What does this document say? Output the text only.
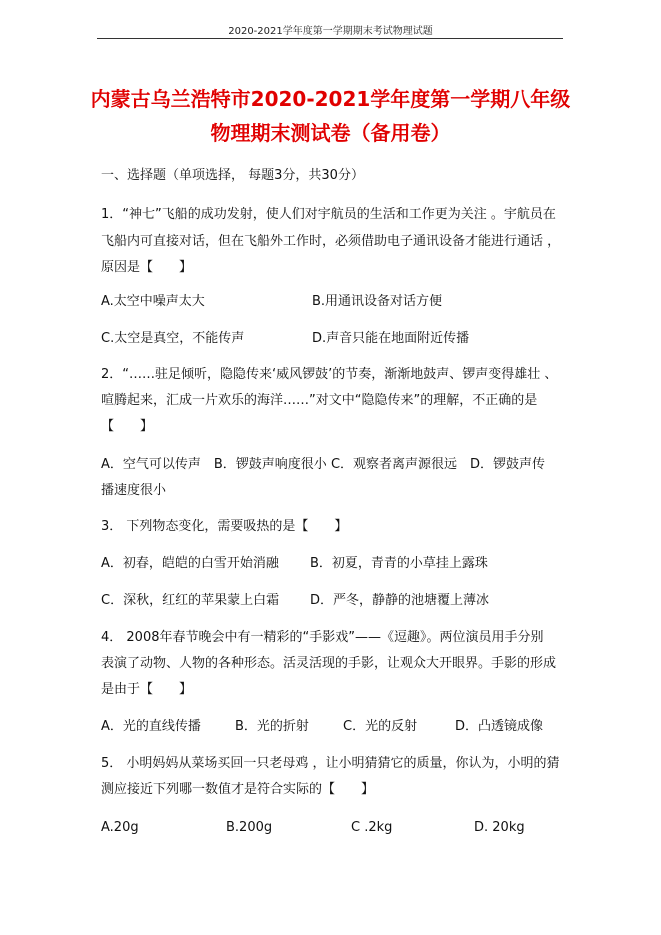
2020-2021学年度第一学期期末考试物理试题
内蒙古乌兰浩特市2020-2021学年度第一学期八年级
物理期末测试卷（备用卷）
一、选择题（单项选择， 每题3分，共30分）
1．“神七”飞船的成功发射，使人们对宇航员的生活和工作更为关注 。宇航员在
飞船内可直接对话，但在飞船外工作时，必须借助电子通讯设备才能进行通话 ，
原因是【　　】
A.太空中噪声太大	B.用通讯设备对话方便
C.太空是真空，不能传声	D.声音只能在地面附近传播
2．“……驻足倾听，隐隐传来‘威风锣鼓’的节奏，渐渐地鼓声、锣声变得雄壮 、
喧腾起来，汇成一片欢乐的海洋……”对文中“隐隐传来”的理解，不正确的是
【　　】
A．空气可以传声　B．锣鼓声响度很小 C．观察者离声源很远　D．锣鼓声传
播速度很小
3． 下列物态变化，需要吸热的是【　　】
A．初春，皑皑的白雪开始消融 B．初夏，青青的小草挂上露珠
C．深秋，红红的苹果蒙上白霜 D．严冬，静静的池塘覆上薄冰
4． 2008年春节晚会中有一精彩的“手影戏”——《逗趣》。两位演员用手分别
表演了动物、人物的各种形态。活灵活现的手影，让观众大开眼界。手影的形成
是由于【　　】
A．光的直线传播	B．光的折射	C．光的反射	D．凸透镜成像
5． 小明妈妈从菜场买回一只老母鸡 ，让小明猜猜它的质量，你认为，小明的猜
测应接近下列哪一数值才是符合实际的【　　】
A.20g	B.200g	C .2kg	D. 20kg
